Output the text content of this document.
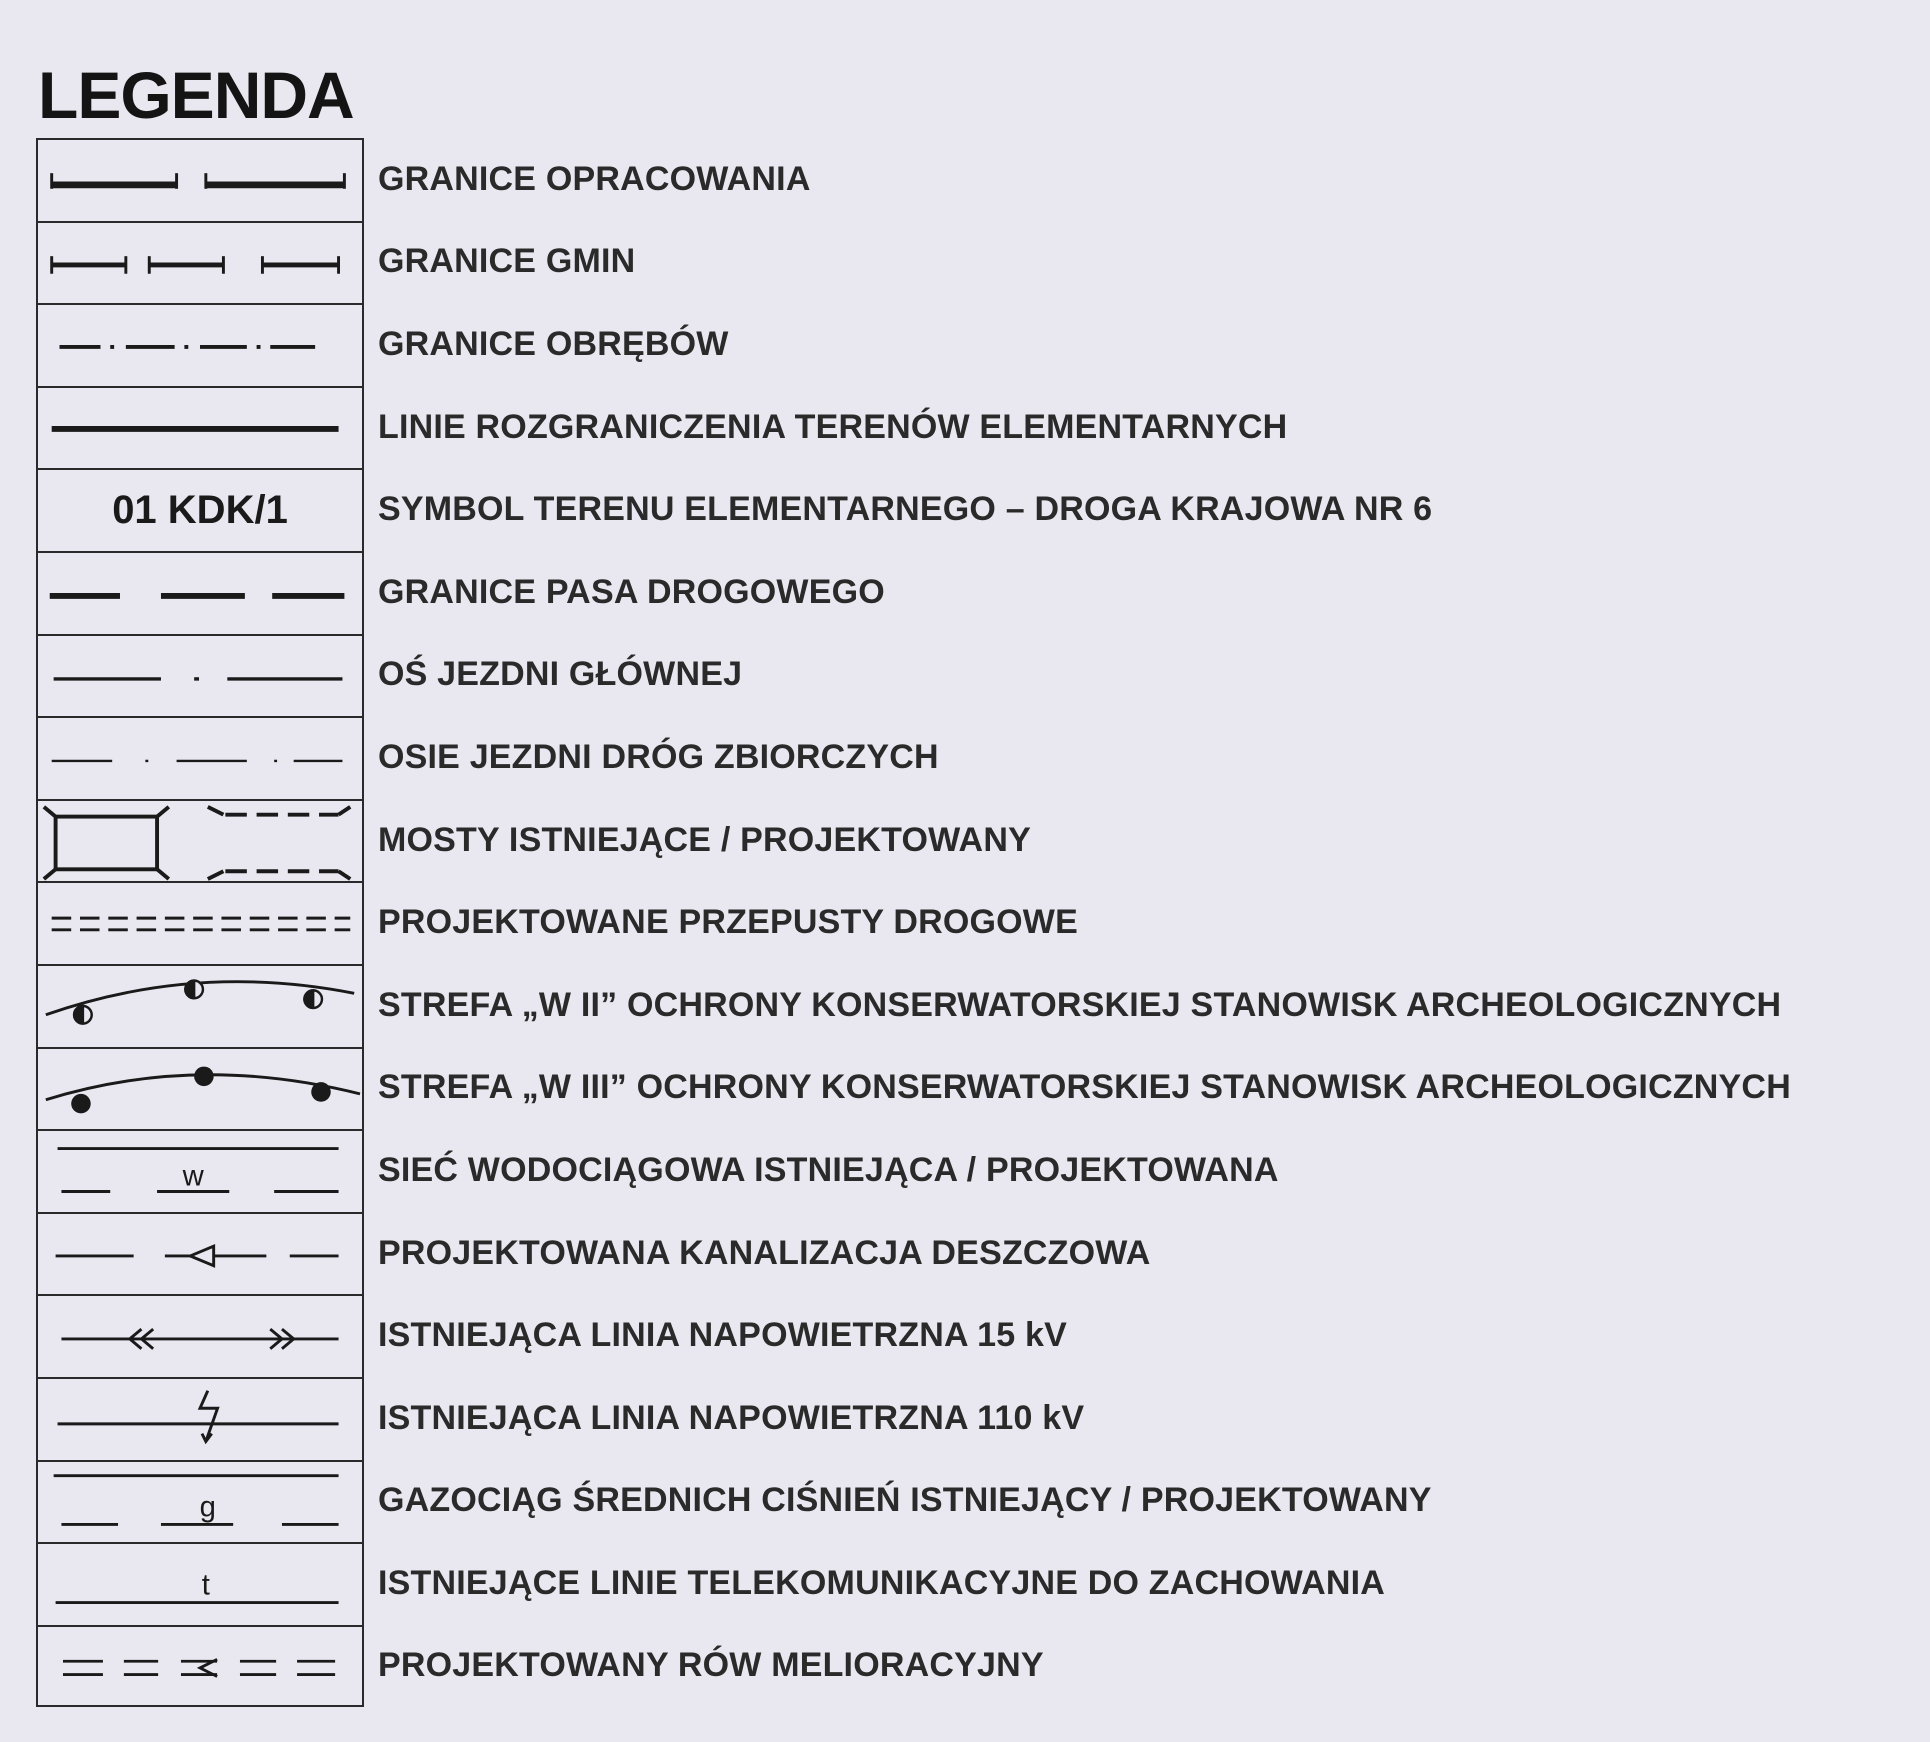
LEGENDA
GRANICE OPRACOWANIA
GRANICE GMIN
GRANICE OBRĘBÓW
LINIE ROZGRANICZENIA TERENÓW ELEMENTARNYCH
01 KDK/1	SYMBOL TERENU ELEMENTARNEGO – DROGA KRAJOWA NR 6
GRANICE PASA DROGOWEGO
OŚ JEZDNI GŁÓWNEJ
OSIE JEZDNI DRÓG ZBIORCZYCH
MOSTY ISTNIEJĄCE / PROJEKTOWANY
PROJEKTOWANE PRZEPUSTY DROGOWE
STREFA „W II” OCHRONY KONSERWATORSKIEJ STANOWISK ARCHEOLOGICZNYCH
STREFA „W III” OCHRONY KONSERWATORSKIEJ STANOWISK ARCHEOLOGICZNYCH
w	SIEĆ WODOCIĄGOWA ISTNIEJĄCA / PROJEKTOWANA
PROJEKTOWANA KANALIZACJA DESZCZOWA
ISTNIEJĄCA LINIA NAPOWIETRZNA 15 kV
ISTNIEJĄCA LINIA NAPOWIETRZNA 110 kV
g	GAZOCIĄG ŚREDNICH CIŚNIEŃ ISTNIEJĄCY / PROJEKTOWANY
t	ISTNIEJĄCE LINIE TELEKOMUNIKACYJNE DO ZACHOWANIA
PROJEKTOWANY RÓW MELIORACYJNY
